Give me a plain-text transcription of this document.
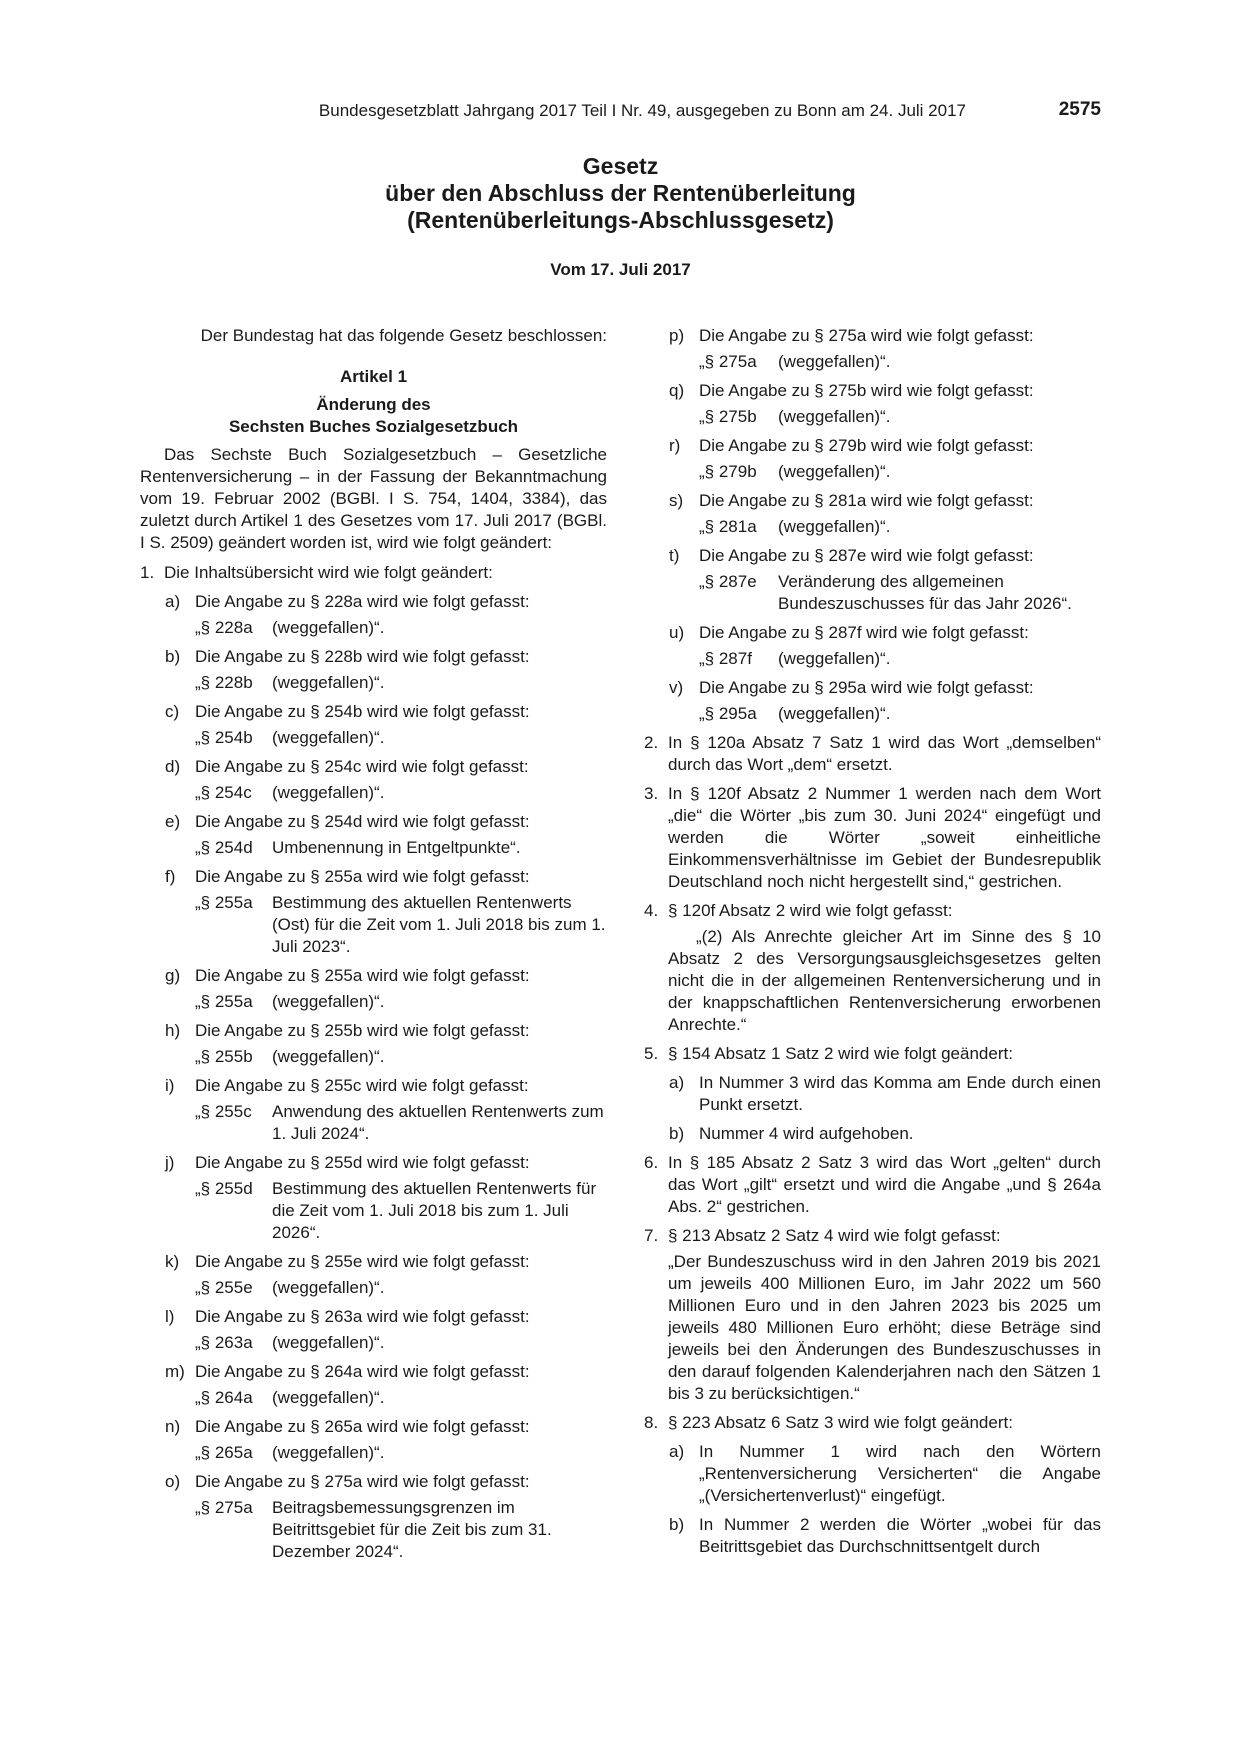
Bundesgesetzblatt Jahrgang 2017 Teil I Nr. 49, ausgegeben zu Bonn am 24. Juli 2017	2575
Gesetz
über den Abschluss der Rentenüberleitung
(Rentenüberleitungs-Abschlussgesetz)
Vom 17. Juli 2017

Der Bundestag hat das folgende Gesetz beschlossen:

Artikel 1

Änderung des

Sechsten Buches Sozialgesetzbuch

Das Sechste Buch Sozialgesetzbuch – Gesetzliche Rentenversicherung – in der Fassung der Bekanntmachung vom 19. Februar 2002 (BGBl. I S. 754, 1404, 3384), das zuletzt durch Artikel 1 des Gesetzes vom 17. Juli 2017 (BGBl. I S. 2509) geändert worden ist, wird wie folgt geändert:

1. Die Inhaltsübersicht wird wie folgt geändert:
a) Die Angabe zu § 228a wird wie folgt gefasst:
„§ 228a	(weggefallen)“.
b) Die Angabe zu § 228b wird wie folgt gefasst:
„§ 228b	(weggefallen)“.
c) Die Angabe zu § 254b wird wie folgt gefasst:
„§ 254b	(weggefallen)“.
d) Die Angabe zu § 254c wird wie folgt gefasst:
„§ 254c	(weggefallen)“.
e) Die Angabe zu § 254d wird wie folgt gefasst:
„§ 254d	Umbenennung in Entgeltpunkte“.
f)	Die Angabe zu § 255a wird wie folgt gefasst:
„§ 255a	Bestimmung des aktuellen Rentenwerts (Ost) für die Zeit vom 1. Juli 2018 bis zum 1. Juli 2023“.
g) Die Angabe zu § 255a wird wie folgt gefasst:
„§ 255a	(weggefallen)“.
h) Die Angabe zu § 255b wird wie folgt gefasst:
„§ 255b	(weggefallen)“.
i)	Die Angabe zu § 255c wird wie folgt gefasst:
„§ 255c	Anwendung des aktuellen Rentenwerts zum 1. Juli 2024“.
j)	Die Angabe zu § 255d wird wie folgt gefasst:
„§ 255d	Bestimmung des aktuellen Rentenwerts für die Zeit vom 1. Juli 2018 bis zum 1. Juli 2026“.
k) Die Angabe zu § 255e wird wie folgt gefasst:
„§ 255e	(weggefallen)“.
l)	Die Angabe zu § 263a wird wie folgt gefasst:
„§ 263a	(weggefallen)“.
m) Die Angabe zu § 264a wird wie folgt gefasst:
„§ 264a	(weggefallen)“.
n) Die Angabe zu § 265a wird wie folgt gefasst:
„§ 265a	(weggefallen)“.
o) Die Angabe zu § 275a wird wie folgt gefasst:
„§ 275a	Beitragsbemessungsgrenzen im Beitrittsgebiet für die Zeit bis zum 31. Dezember 2024“.
p) Die Angabe zu § 275a wird wie folgt gefasst:
„§ 275a	(weggefallen)“.
q) Die Angabe zu § 275b wird wie folgt gefasst:
„§ 275b	(weggefallen)“.
r)	Die Angabe zu § 279b wird wie folgt gefasst:
„§ 279b	(weggefallen)“.
s) Die Angabe zu § 281a wird wie folgt gefasst:
„§ 281a	(weggefallen)“.
t)	Die Angabe zu § 287e wird wie folgt gefasst:
„§ 287e	Veränderung des allgemeinen Bundeszuschusses für das Jahr 2026“.
u) Die Angabe zu § 287f wird wie folgt gefasst:
„§ 287f	(weggefallen)“.
v) Die Angabe zu § 295a wird wie folgt gefasst:
„§ 295a	(weggefallen)“.
2. In § 120a Absatz 7 Satz 1 wird das Wort „demselben“ durch das Wort „dem“ ersetzt.
3. In § 120f Absatz 2 Nummer 1 werden nach dem Wort „die“ die Wörter „bis zum 30. Juni 2024“ eingefügt und werden die Wörter „soweit einheitliche Einkommensverhältnisse im Gebiet der Bundesrepublik Deutschland noch nicht hergestellt sind,“ gestrichen.
4. § 120f Absatz 2 wird wie folgt gefasst:

„(2) Als Anrechte gleicher Art im Sinne des § 10 Absatz 2 des Versorgungsausgleichsgesetzes gelten nicht die in der allgemeinen Rentenversicherung und in der knappschaftlichen Rentenversicherung erworbenen Anrechte.“

5. § 154 Absatz 1 Satz 2 wird wie folgt geändert:
a) In Nummer 3 wird das Komma am Ende durch einen Punkt ersetzt.
b) Nummer 4 wird aufgehoben.
6. In § 185 Absatz 2 Satz 3 wird das Wort „gelten“ durch das Wort „gilt“ ersetzt und wird die Angabe „und § 264a Abs. 2“ gestrichen.
7. § 213 Absatz 2 Satz 4 wird wie folgt gefasst:

„Der Bundeszuschuss wird in den Jahren 2019 bis 2021 um jeweils 400 Millionen Euro, im Jahr 2022 um 560 Millionen Euro und in den Jahren 2023 bis 2025 um jeweils 480 Millionen Euro erhöht; diese Beträge sind jeweils bei den Änderungen des Bundeszuschusses in den darauf folgenden Kalenderjahren nach den Sätzen 1 bis 3 zu berücksichtigen.“

8. § 223 Absatz 6 Satz 3 wird wie folgt geändert:
a) In Nummer 1 wird nach den Wörtern „Rentenversicherung Versicherten“ die Angabe „(Versichertenverlust)“ eingefügt.
b) In Nummer 2 werden die Wörter „wobei für das Beitrittsgebiet das Durchschnittsentgelt durch
